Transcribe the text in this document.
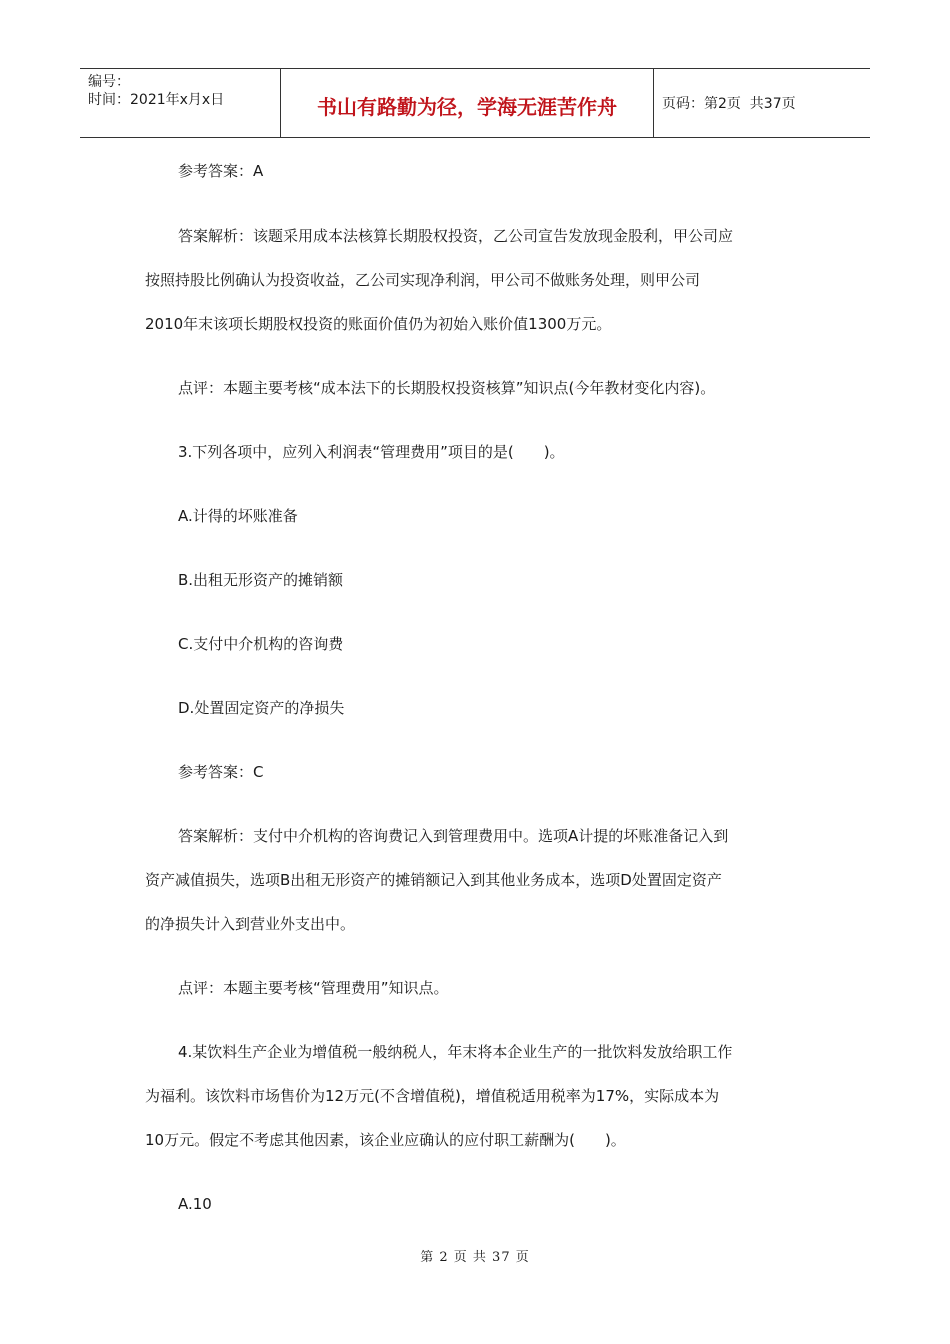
编号：
时间：2021年x月x日	书山有路勤为径，学海无涯苦作舟	页码：第2页  共37页
参考答案：A
答案解析：该题采用成本法核算长期股权投资，乙公司宣告发放现金股利，甲公司应
按照持股比例确认为投资收益，乙公司实现净利润，甲公司不做账务处理，则甲公司
2010年末该项长期股权投资的账面价值仍为初始入账价值1300万元。
点评：本题主要考核“成本法下的长期股权投资核算”知识点(今年教材变化内容)。
3.下列各项中，应列入利润表“管理费用”项目的是(　　)。
A.计得的坏账准备
B.出租无形资产的摊销额
C.支付中介机构的咨询费
D.处置固定资产的净损失
参考答案：C
答案解析：支付中介机构的咨询费记入到管理费用中。选项A计提的坏账准备记入到
资产减值损失，选项B出租无形资产的摊销额记入到其他业务成本，选项D处置固定资产
的净损失计入到营业外支出中。
点评：本题主要考核“管理费用”知识点。
4.某饮料生产企业为增值税一般纳税人，年末将本企业生产的一批饮料发放给职工作
为福利。该饮料市场售价为12万元(不含增值税)，增值税适用税率为17%，实际成本为
10万元。假定不考虑其他因素，该企业应确认的应付职工薪酬为(　　)。
A.10
第 2 页 共 37 页
